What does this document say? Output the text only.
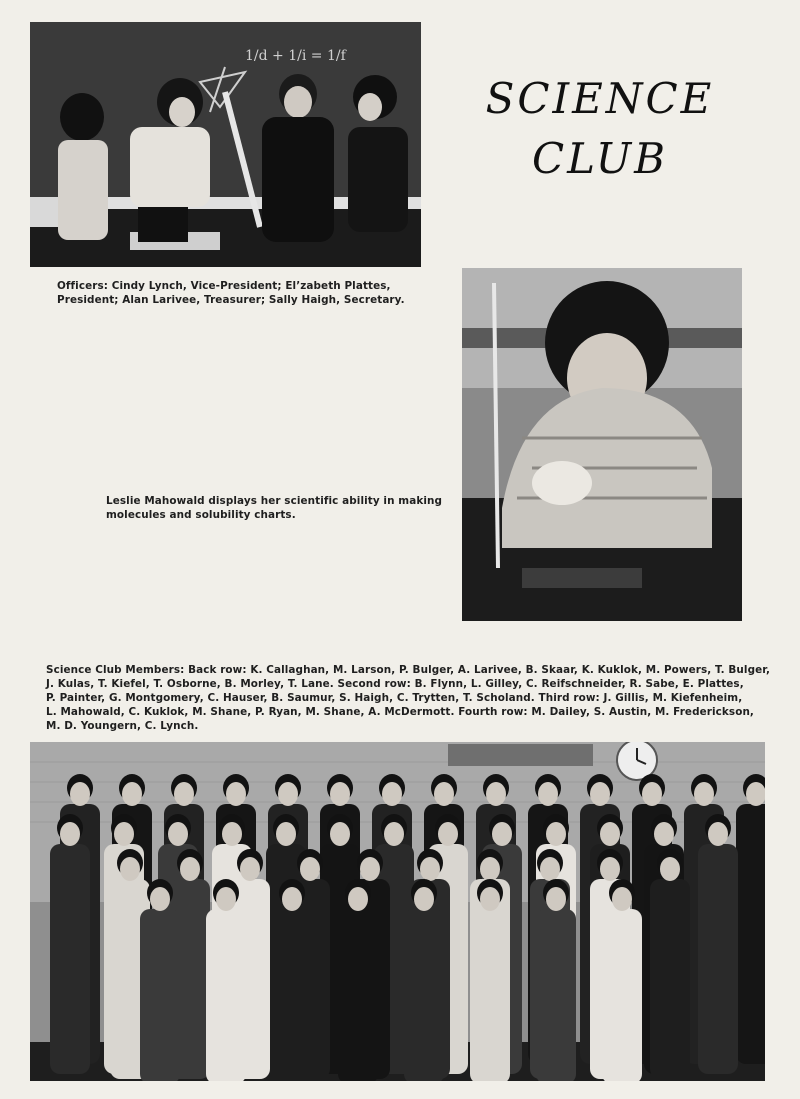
1/d + 1/i = 1/f
SCIENCE
CLUB
Officers: Cindy Lynch, Vice-President; El’zabeth Plattes,
President; Alan Larivee, Treasurer; Sally Haigh, Secretary.
Leslie Mahowald displays her scientific ability in making
molecules and solubility charts.
Science Club Members: Back row: K. Callaghan, M. Larson, P. Bulger, A. Larivee, B. Skaar, K. Kuklok, M. Powers, T. Bulger,
J. Kulas, T. Kiefel, T. Osborne, B. Morley, T. Lane. Second row: B. Flynn, L. Gilley, C. Reifschneider, R. Sabe, E. Plattes,
P. Painter, G. Montgomery, C. Hauser, B. Saumur, S. Haigh, C. Trytten, T. Scholand. Third row: J. Gillis, M. Kiefenheim,
L. Mahowald, C. Kuklok, M. Shane, P. Ryan, M. Shane, A. McDermott. Fourth row: M. Dailey, S. Austin, M. Frederickson,
M. D. Youngern, C. Lynch.
